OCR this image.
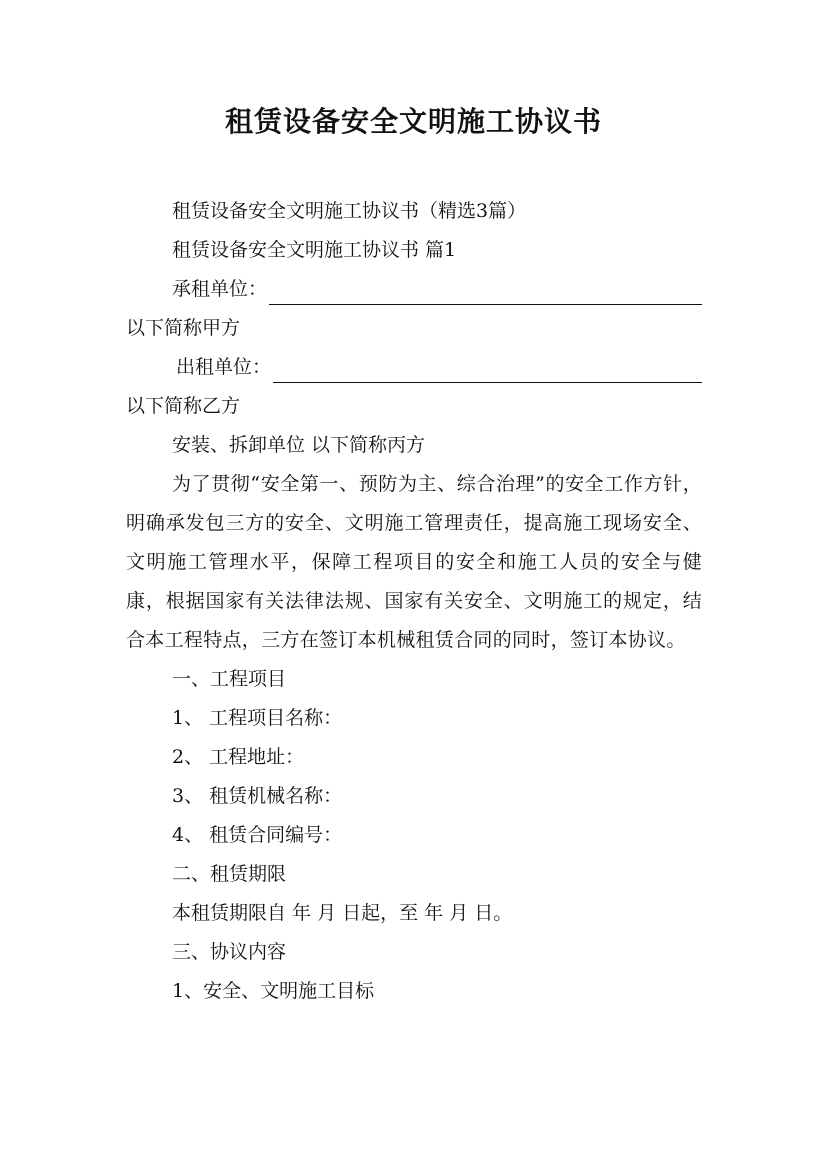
租赁设备安全文明施工协议书

租赁设备安全文明施工协议书（精选3篇）

租赁设备安全文明施工协议书 篇1

承租单位：

以下简称甲方

出租单位：

以下简称乙方

安装、拆卸单位 以下简称丙方

为了贯彻“安全第一、预防为主、综合治理”的安全工作方针，明确承发包三方的安全、文明施工管理责任，提高施工现场安全、文明施工管理水平，保障工程项目的安全和施工人员的安全与健康，根据国家有关法律法规、国家有关安全、文明施工的规定，结合本工程特点，三方在签订本机械租赁合同的同时，签订本协议。

一、工程项目

1、 工程项目名称：

2、 工程地址：

3、 租赁机械名称：

4、 租赁合同编号：

二、租赁期限

本租赁期限自 年 月 日起，至 年 月 日。

三、协议内容

1、安全、文明施工目标
